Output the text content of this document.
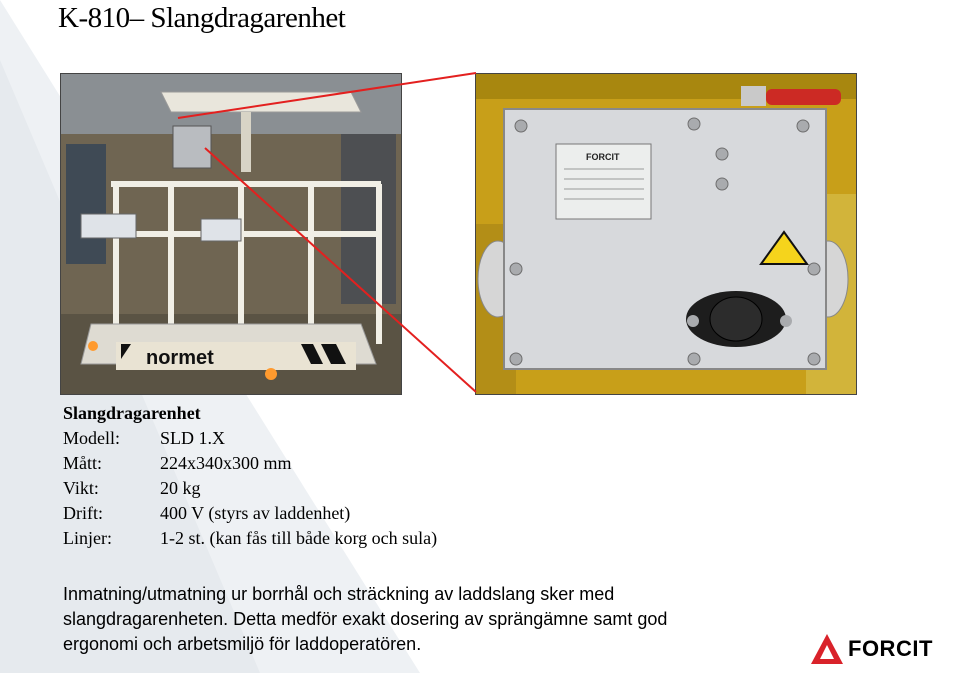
K-810– Slangdragarenhet
normet
FORCIT
Slangdragarenhet
Modell:	SLD 1.X
Mått:	224x340x300 mm
Vikt:	20 kg
Drift:	400 V (styrs av laddenhet)
Linjer:	1-2 st. (kan fås till både korg och sula)

Inmatning/utmatning ur borrhål och sträckning av laddslang sker med

slangdragarenheten. Detta medför exakt dosering av sprängämne samt god

ergonomi och arbetsmiljö för laddoperatören.	FORCIT
